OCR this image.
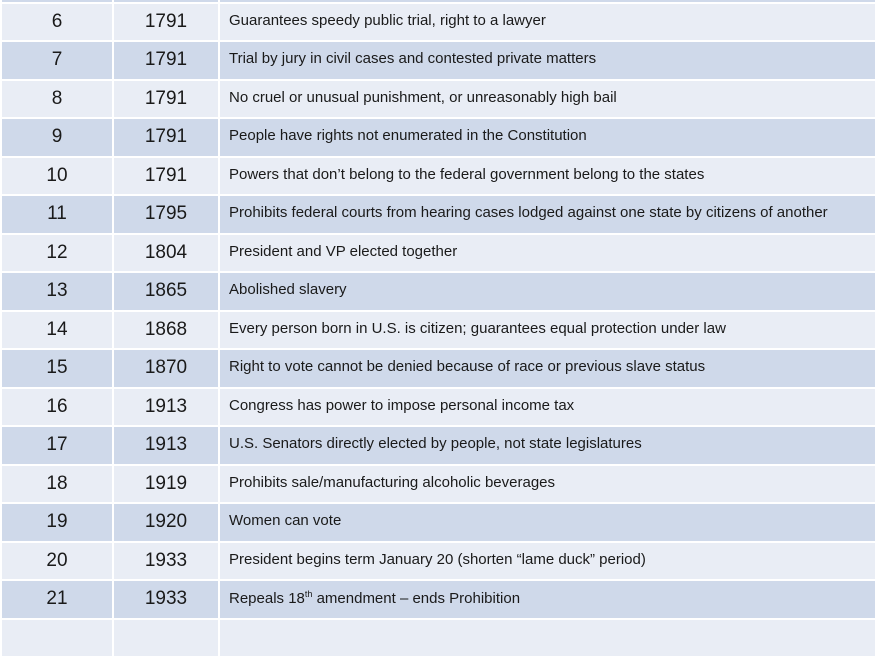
6	1791	Guarantees speedy public trial, right to a lawyer
7	1791	Trial by jury in civil cases and contested private matters
8	1791	No cruel or unusual punishment, or unreasonably high bail
9	1791	People have rights not enumerated in the Constitution
10	1791	Powers that don’t belong to the federal government belong to the states
11	1795	Prohibits federal courts from hearing cases lodged against one state by citizens of another
12	1804	President and VP elected together
13	1865	Abolished slavery
14	1868	Every person born in U.S. is citizen; guarantees equal protection under law
15	1870	Right to vote cannot be denied because of race or previous slave status
16	1913	Congress has power to impose personal income tax
17	1913	U.S. Senators directly elected by people, not state legislatures
18	1919	Prohibits sale/manufacturing alcoholic beverages
19	1920	Women can vote
20	1933	President begins term January 20 (shorten “lame duck” period)
21	1933	Repeals 18th amendment – ends Prohibition
